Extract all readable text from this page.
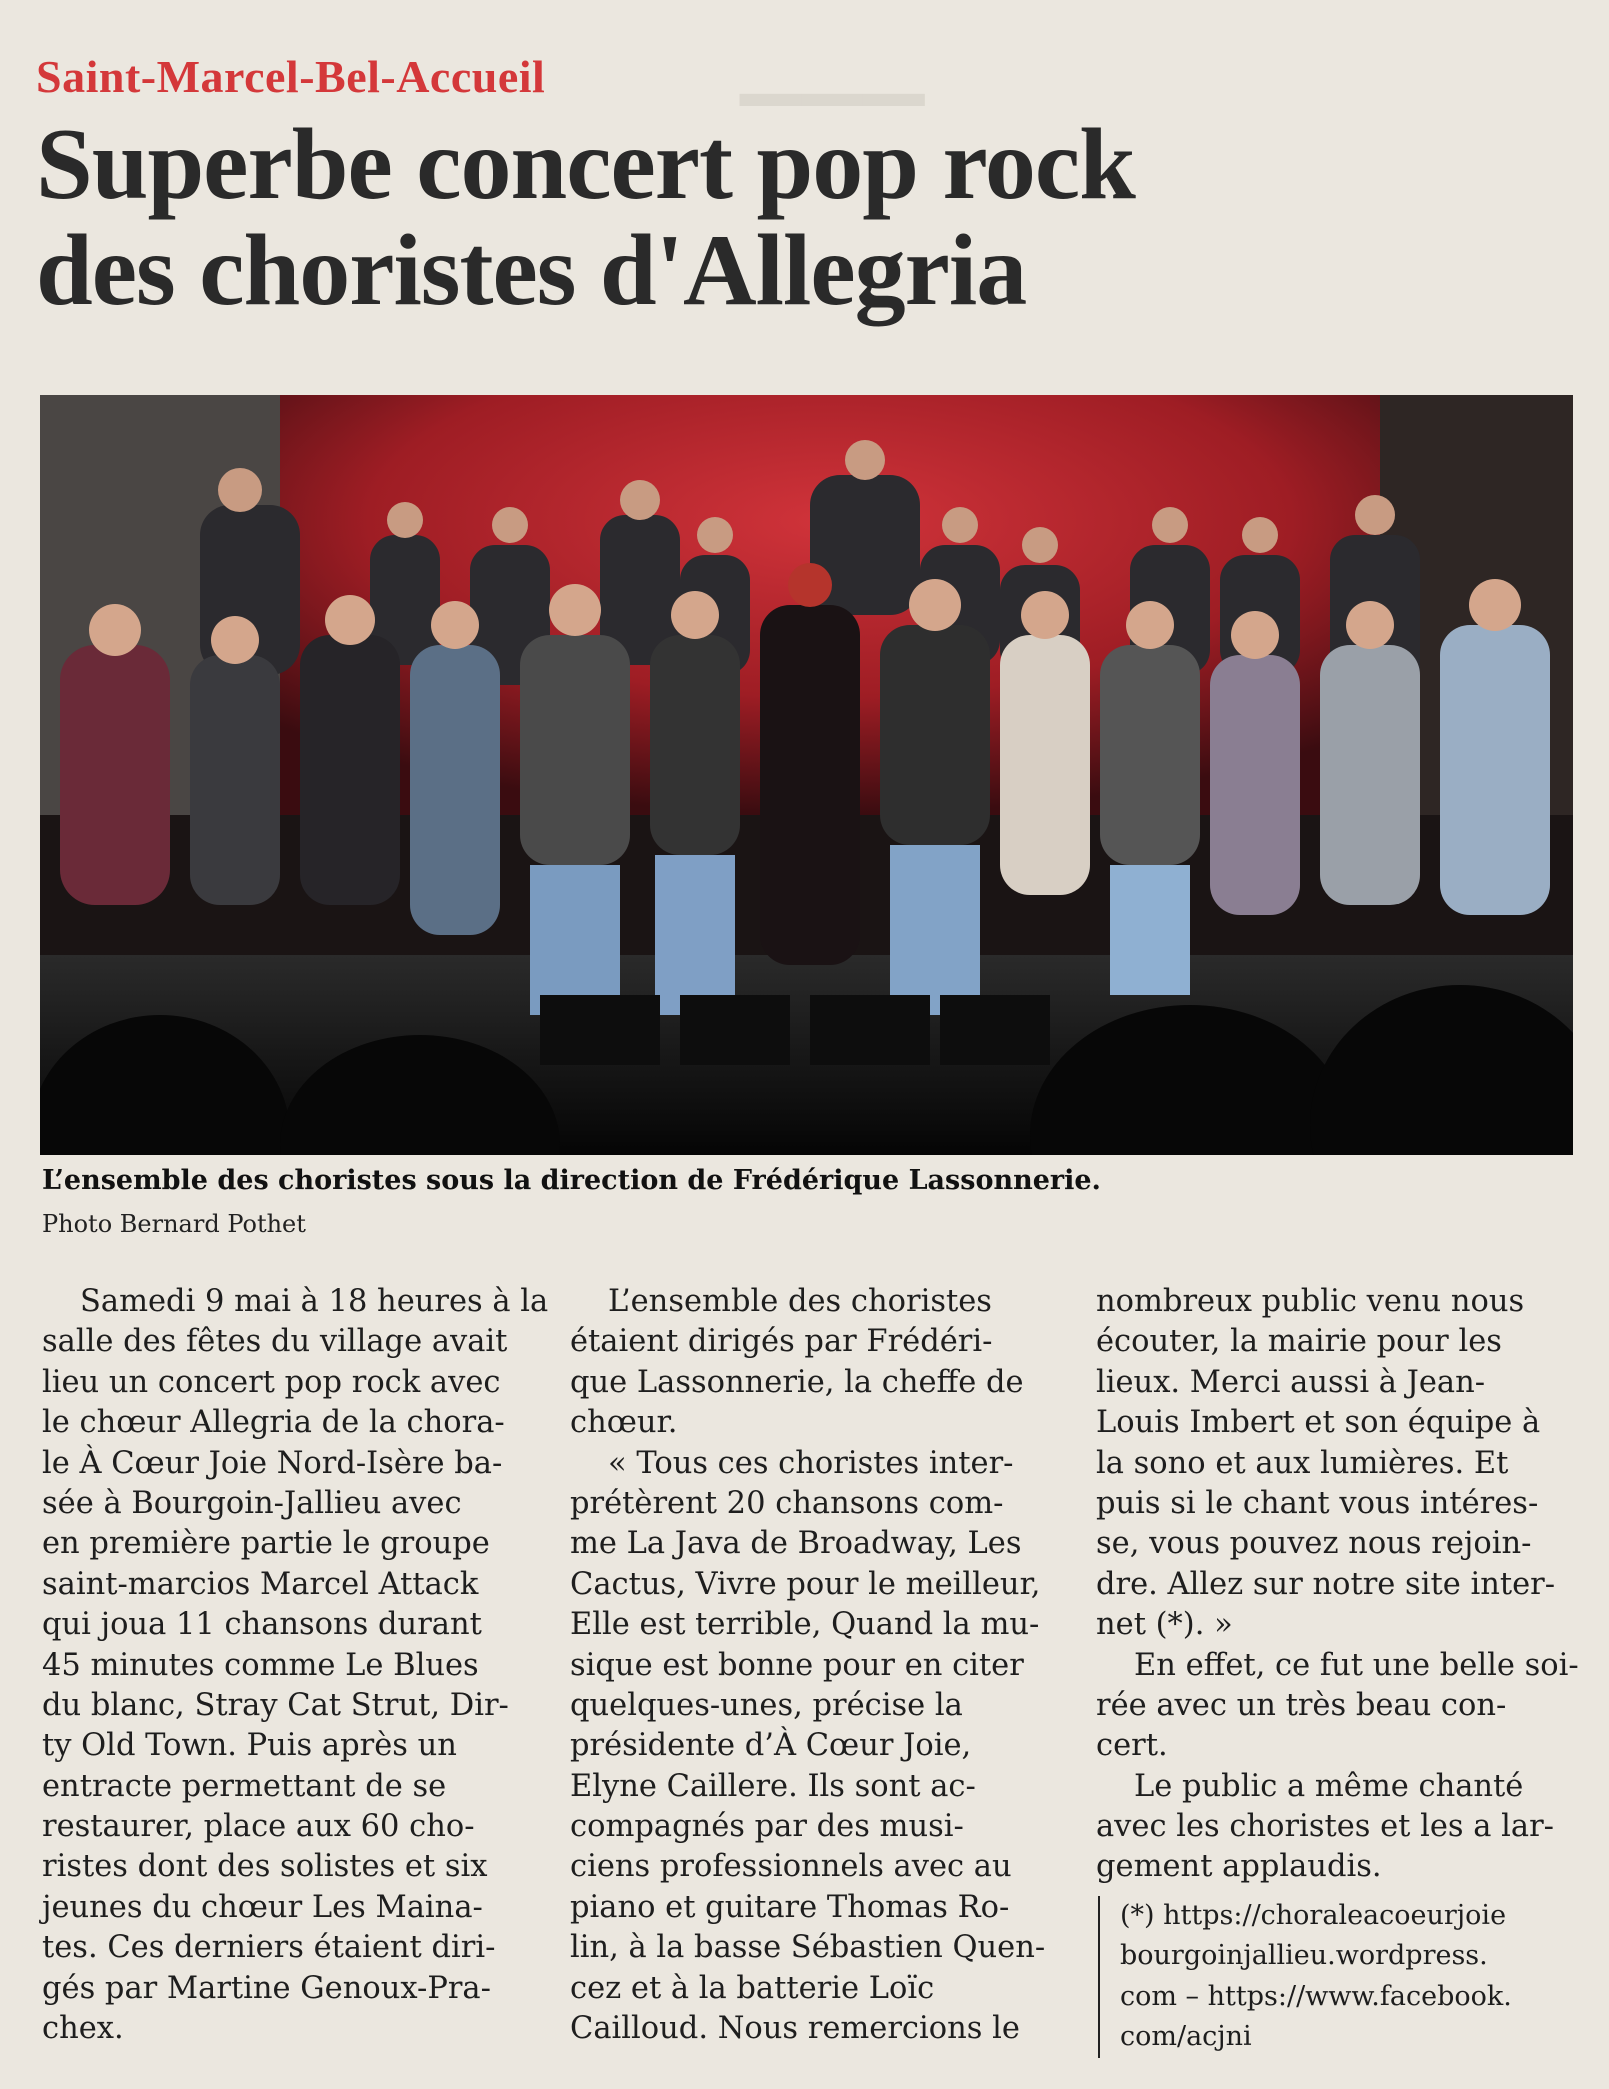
▂▂▂▂▂▂
Saint-Marcel-Bel-Accueil
Superbe concert pop rock
des choristes d'Allegria
L’ensemble des choristes sous la direction de Frédérique Lassonnerie.
Photo Bernard Pothet
Samedi 9 mai à 18 heures à la
salle des fêtes du village avait
lieu un concert pop rock avec
le chœur Allegria de la chora-
le À Cœur Joie Nord-Isère ba-
sée à Bourgoin-Jallieu avec
en première partie le groupe
saint-marcios Marcel Attack
qui joua 11 chansons durant
45 minutes comme Le Blues
du blanc, Stray Cat Strut, Dir-
ty Old Town. Puis après un
entracte permettant de se
restaurer, place aux 60 cho-
ristes dont des solistes et six
jeunes du chœur Les Maina-
tes. Ces derniers étaient diri-
gés par Martine Genoux-Pra-
chex.
L’ensemble des choristes
étaient dirigés par Frédéri-
que Lassonnerie, la cheffe de
chœur.
« Tous ces choristes inter-
prétèrent 20 chansons com-
me La Java de Broadway, Les
Cactus, Vivre pour le meilleur,
Elle est terrible, Quand la mu-
sique est bonne pour en citer
quelques-unes, précise la
présidente d’À Cœur Joie,
Elyne Caillere. Ils sont ac-
compagnés par des musi-
ciens professionnels avec au
piano et guitare Thomas Ro-
lin, à la basse Sébastien Quen-
cez et à la batterie Loïc
Cailloud. Nous remercions le
nombreux public venu nous
écouter, la mairie pour les
lieux. Merci aussi à Jean-
Louis Imbert et son équipe à
la sono et aux lumières. Et
puis si le chant vous intéres-
se, vous pouvez nous rejoin-
dre. Allez sur notre site inter-
net (*). »
En effet, ce fut une belle soi-
rée avec un très beau con-
cert.
Le public a même chanté
avec les choristes et les a lar-
gement applaudis.
(*) https://choraleacoeurjoie
bourgoinjallieu.wordpress.
com – https://www.facebook.
com/acjni
